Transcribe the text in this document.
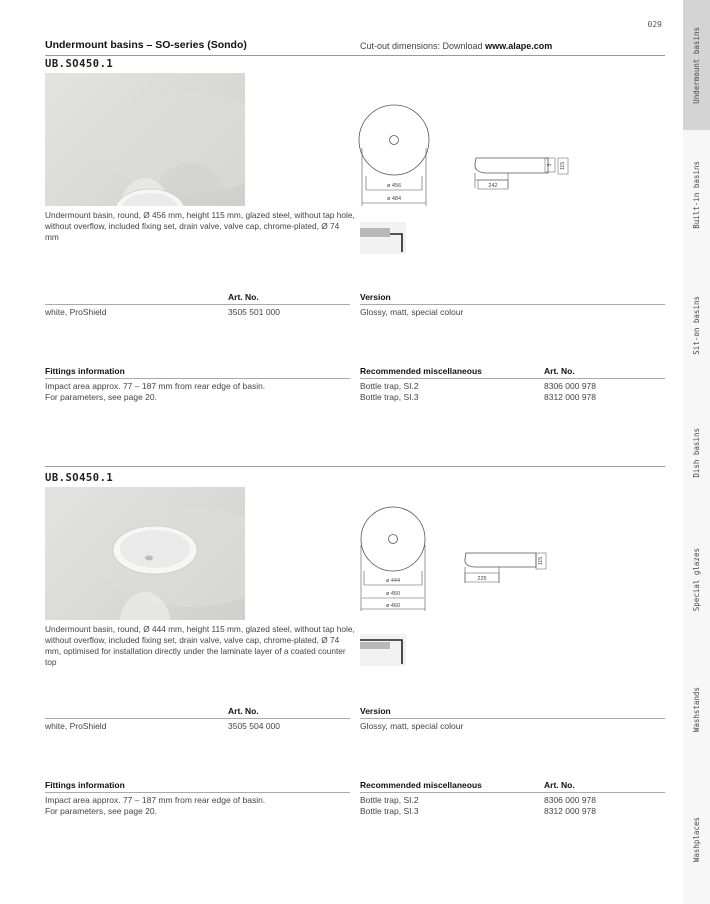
029
Undermount basins – SO-series (Sondo)	Cut-out dimensions: Download www.alape.com	Undermount basins
Built-in basins
Sit-on basins
Dish basins
Special glazes
Washstands
Washplaces
UB.SO450.1
Undermount basin, round, Ø 456 mm, height 115 mm, glazed steel, without tap hole, without overflow, included fixing set, drain valve, valve cap, chrome-plated, Ø 74 mm
ø 456
ø 484
242
3 115
Art. No.	Version
white, ProShield	3505 501 000	Glossy, matt, special colour
Fittings information	Recommended miscellaneous	Art. No.
Impact area approx. 77 – 187 mm from rear edge of basin.
For parameters, see page 20.
Bottle trap, SI.2	8306 000 978
Bottle trap, SI.3	8312 000 978
UB.SO450.1
Undermount basin, round, Ø 444 mm, height 115 mm, glazed steel, without tap hole, without overflow, included fixing set, drain valve, valve cap, chrome-plated, Ø 74 mm, optimised for installation directly under the laminate layer of a coated counter top
ø 444
ø 450
ø 460
225
115
Art. No.	Version
white, ProShield	3505 504 000	Glossy, matt, special colour
Fittings information	Recommended miscellaneous	Art. No.
Impact area approx. 77 – 187 mm from rear edge of basin.
For parameters, see page 20.
Bottle trap, SI.2	8306 000 978
Bottle trap, SI.3	8312 000 978
